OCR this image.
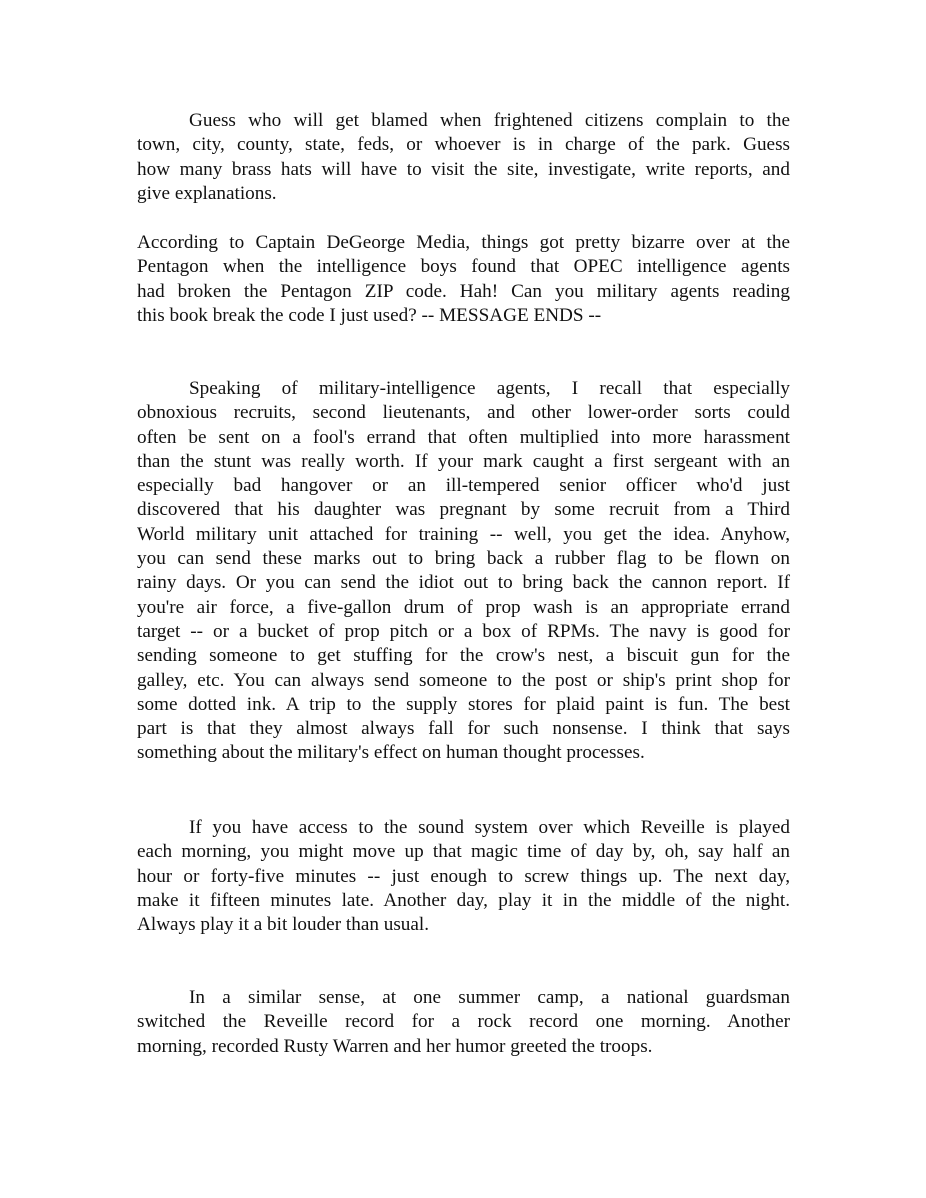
Guess who will get blamed when frightened citizens complain to the
town, city, county, state, feds, or whoever is in charge of the park. Guess
how many brass hats will have to visit the site, investigate, write reports, and
give explanations.
According to Captain DeGeorge Media, things got pretty bizarre over at the
Pentagon when the intelligence boys found that OPEC intelligence agents
had broken the Pentagon ZIP code. Hah! Can you military agents reading
this book break the code I just used? -- MESSAGE ENDS --
Speaking of military-intelligence agents, I recall that especially
obnoxious recruits, second lieutenants, and other lower-order sorts could
often be sent on a fool's errand that often multiplied into more harassment
than the stunt was really worth. If your mark caught a first sergeant with an
especially bad hangover or an ill-tempered senior officer who'd just
discovered that his daughter was pregnant by some recruit from a Third
World military unit attached for training -- well, you get the idea. Anyhow,
you can send these marks out to bring back a rubber flag to be flown on
rainy days. Or you can send the idiot out to bring back the cannon report. If
you're air force, a five-gallon drum of prop wash is an appropriate errand
target -- or a bucket of prop pitch or a box of RPMs. The navy is good for
sending someone to get stuffing for the crow's nest, a biscuit gun for the
galley, etc. You can always send someone to the post or ship's print shop for
some dotted ink. A trip to the supply stores for plaid paint is fun. The best
part is that they almost always fall for such nonsense. I think that says
something about the military's effect on human thought processes.
If you have access to the sound system over which Reveille is played
each morning, you might move up that magic time of day by, oh, say half an
hour or forty-five minutes -- just enough to screw things up. The next day,
make it fifteen minutes late. Another day, play it in the middle of the night.
Always play it a bit louder than usual.
In a similar sense, at one summer camp, a national guardsman
switched the Reveille record for a rock record one morning. Another
morning, recorded Rusty Warren and her humor greeted the troops.
